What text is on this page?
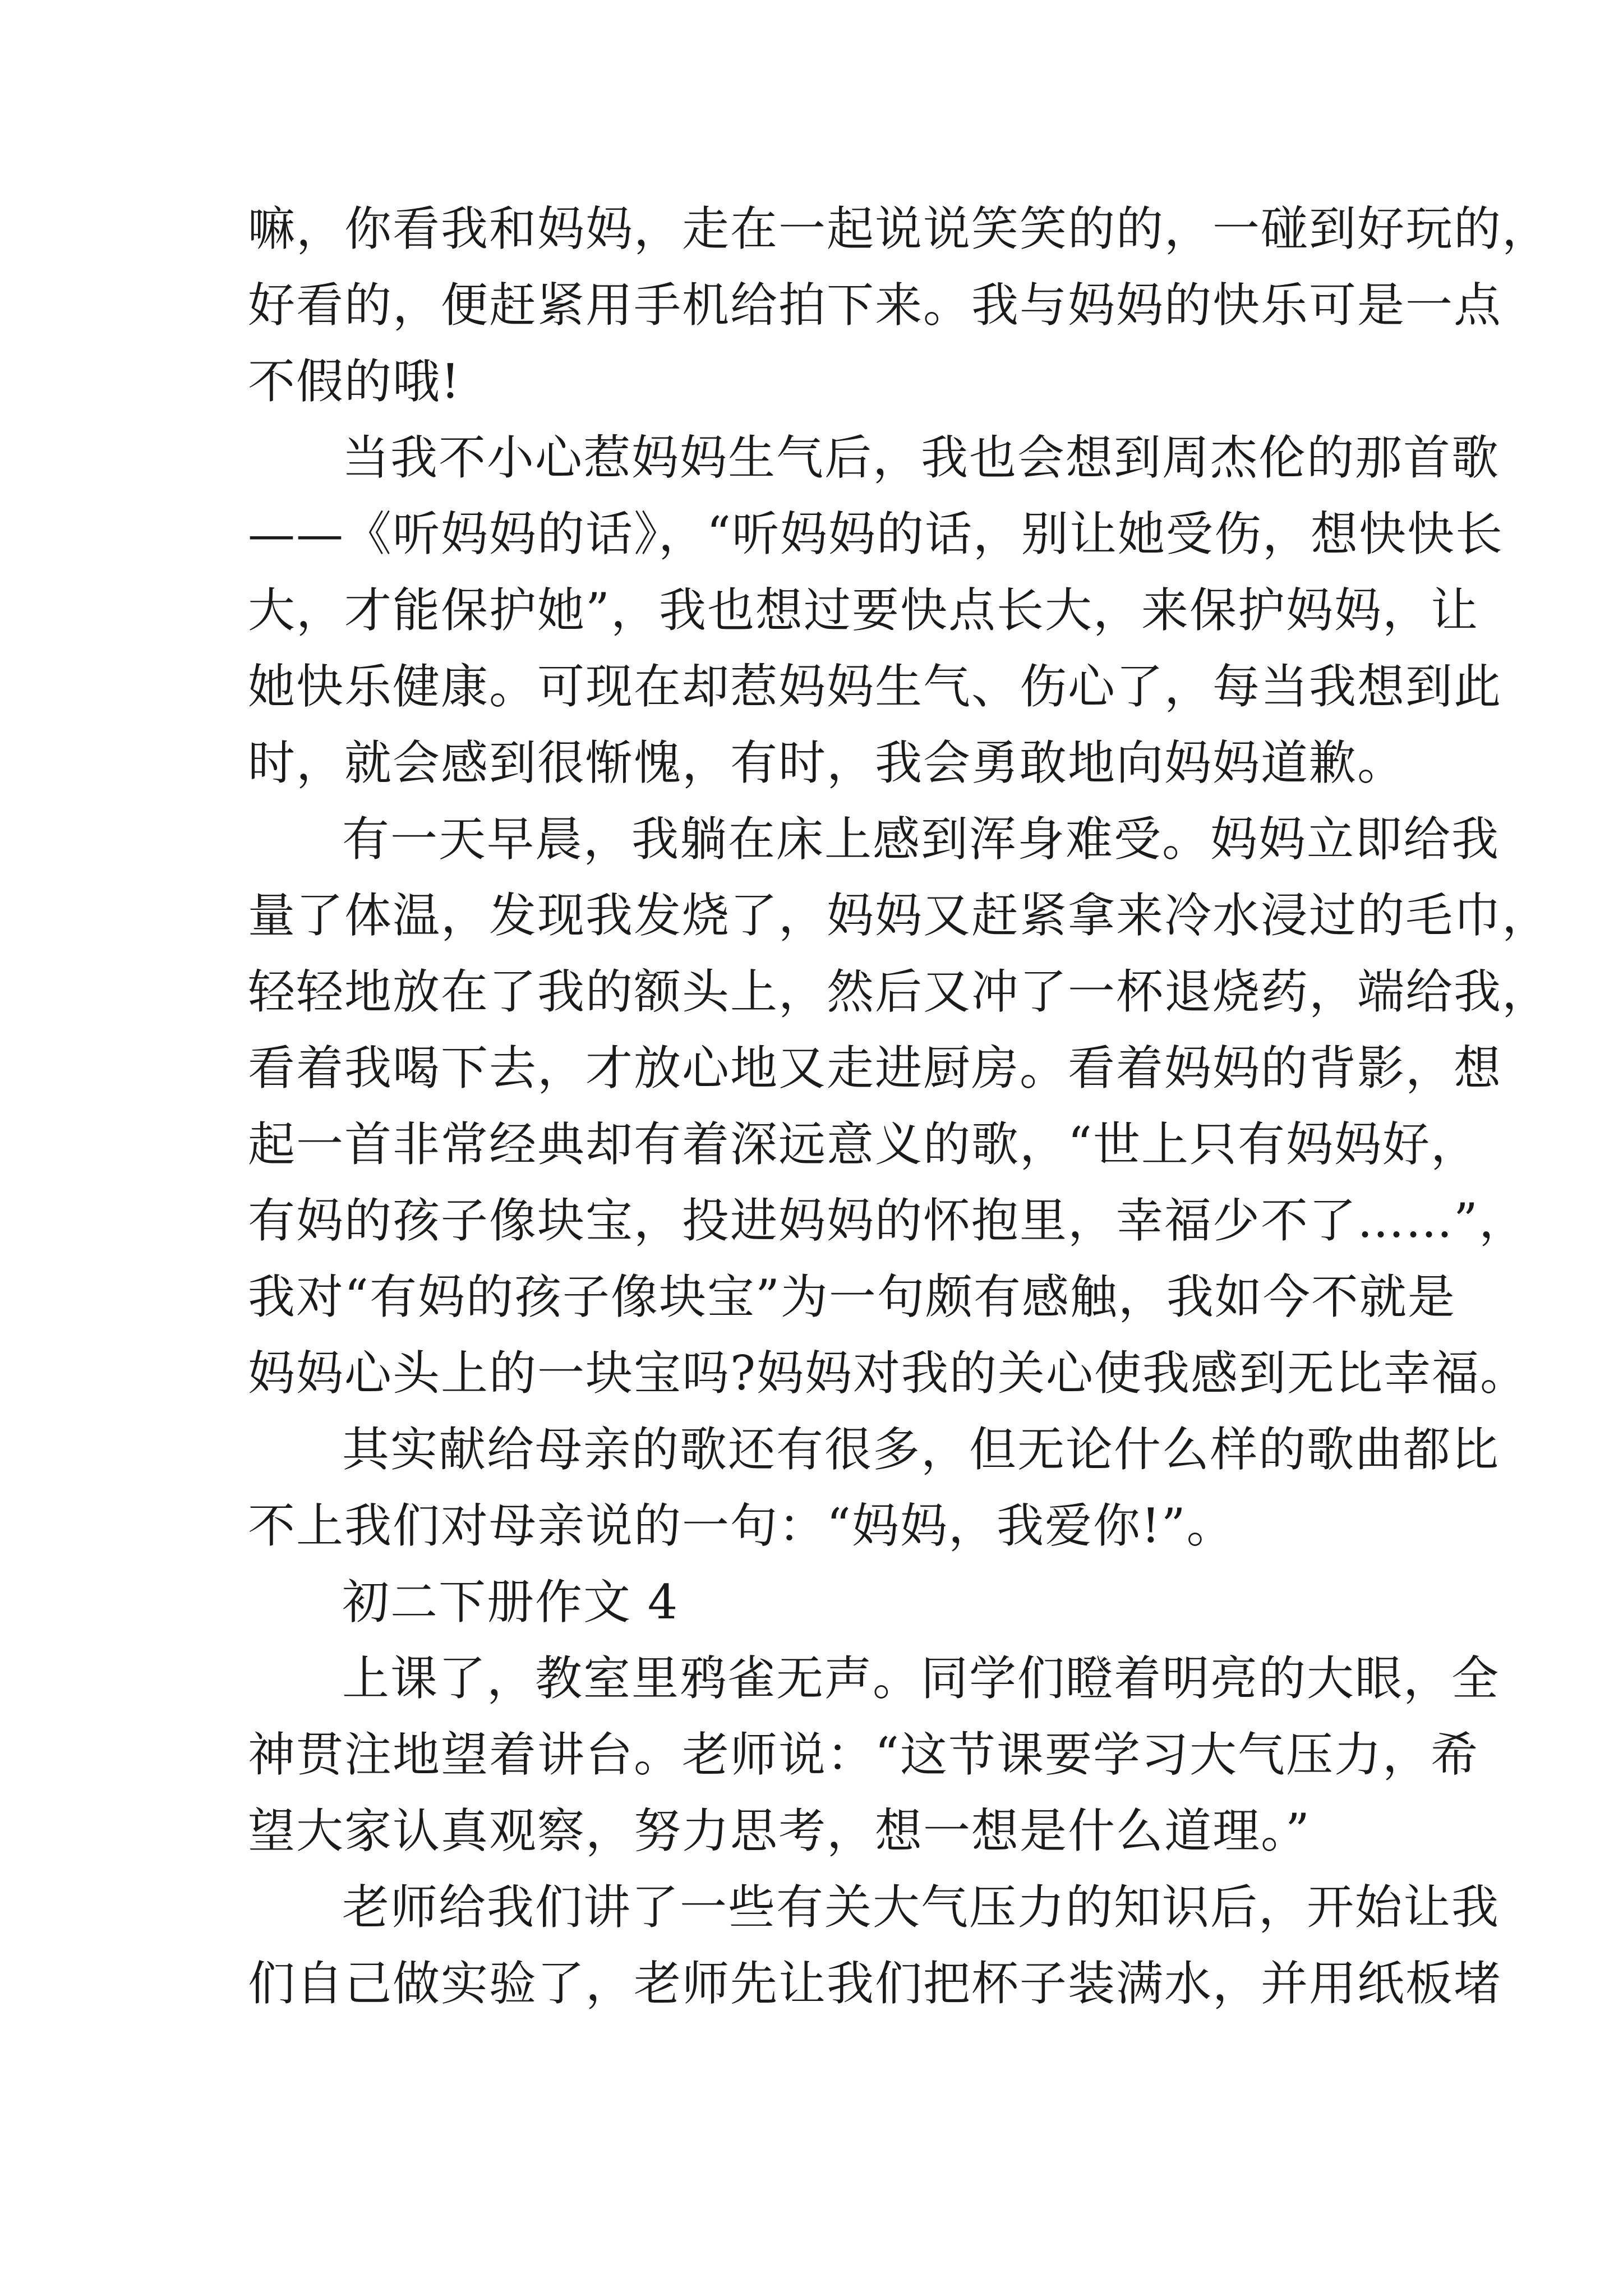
嘛，你看我和妈妈，走在一起说说笑笑的的，一碰到好玩的，
好看的，便赶紧用手机给拍下来。我与妈妈的快乐可是一点
不假的哦!
当我不小心惹妈妈生气后，我也会想到周杰伦的那首歌
——《听妈妈的话》，“听妈妈的话，别让她受伤，想快快长
大，才能保护她”，我也想过要快点长大，来保护妈妈，让
她快乐健康。可现在却惹妈妈生气、伤心了，每当我想到此
时，就会感到很惭愧，有时，我会勇敢地向妈妈道歉。
有一天早晨，我躺在床上感到浑身难受。妈妈立即给我
量了体温，发现我发烧了，妈妈又赶紧拿来冷水浸过的毛巾，
轻轻地放在了我的额头上，然后又冲了一杯退烧药，端给我，
看着我喝下去，才放心地又走进厨房。看着妈妈的背影，想
起一首非常经典却有着深远意义的歌，“世上只有妈妈好，
有妈的孩子像块宝，投进妈妈的怀抱里，幸福少不了……”，
我对“有妈的孩子像块宝”为一句颇有感触，我如今不就是
妈妈心头上的一块宝吗?妈妈对我的关心使我感到无比幸福。
其实献给母亲的歌还有很多，但无论什么样的歌曲都比
不上我们对母亲说的一句：“妈妈，我爱你!”。
初二下册作文 4
上课了，教室里鸦雀无声。同学们瞪着明亮的大眼，全
神贯注地望着讲台。老师说：“这节课要学习大气压力，希
望大家认真观察，努力思考，想一想是什么道理。”
老师给我们讲了一些有关大气压力的知识后，开始让我
们自己做实验了，老师先让我们把杯子装满水，并用纸板堵
